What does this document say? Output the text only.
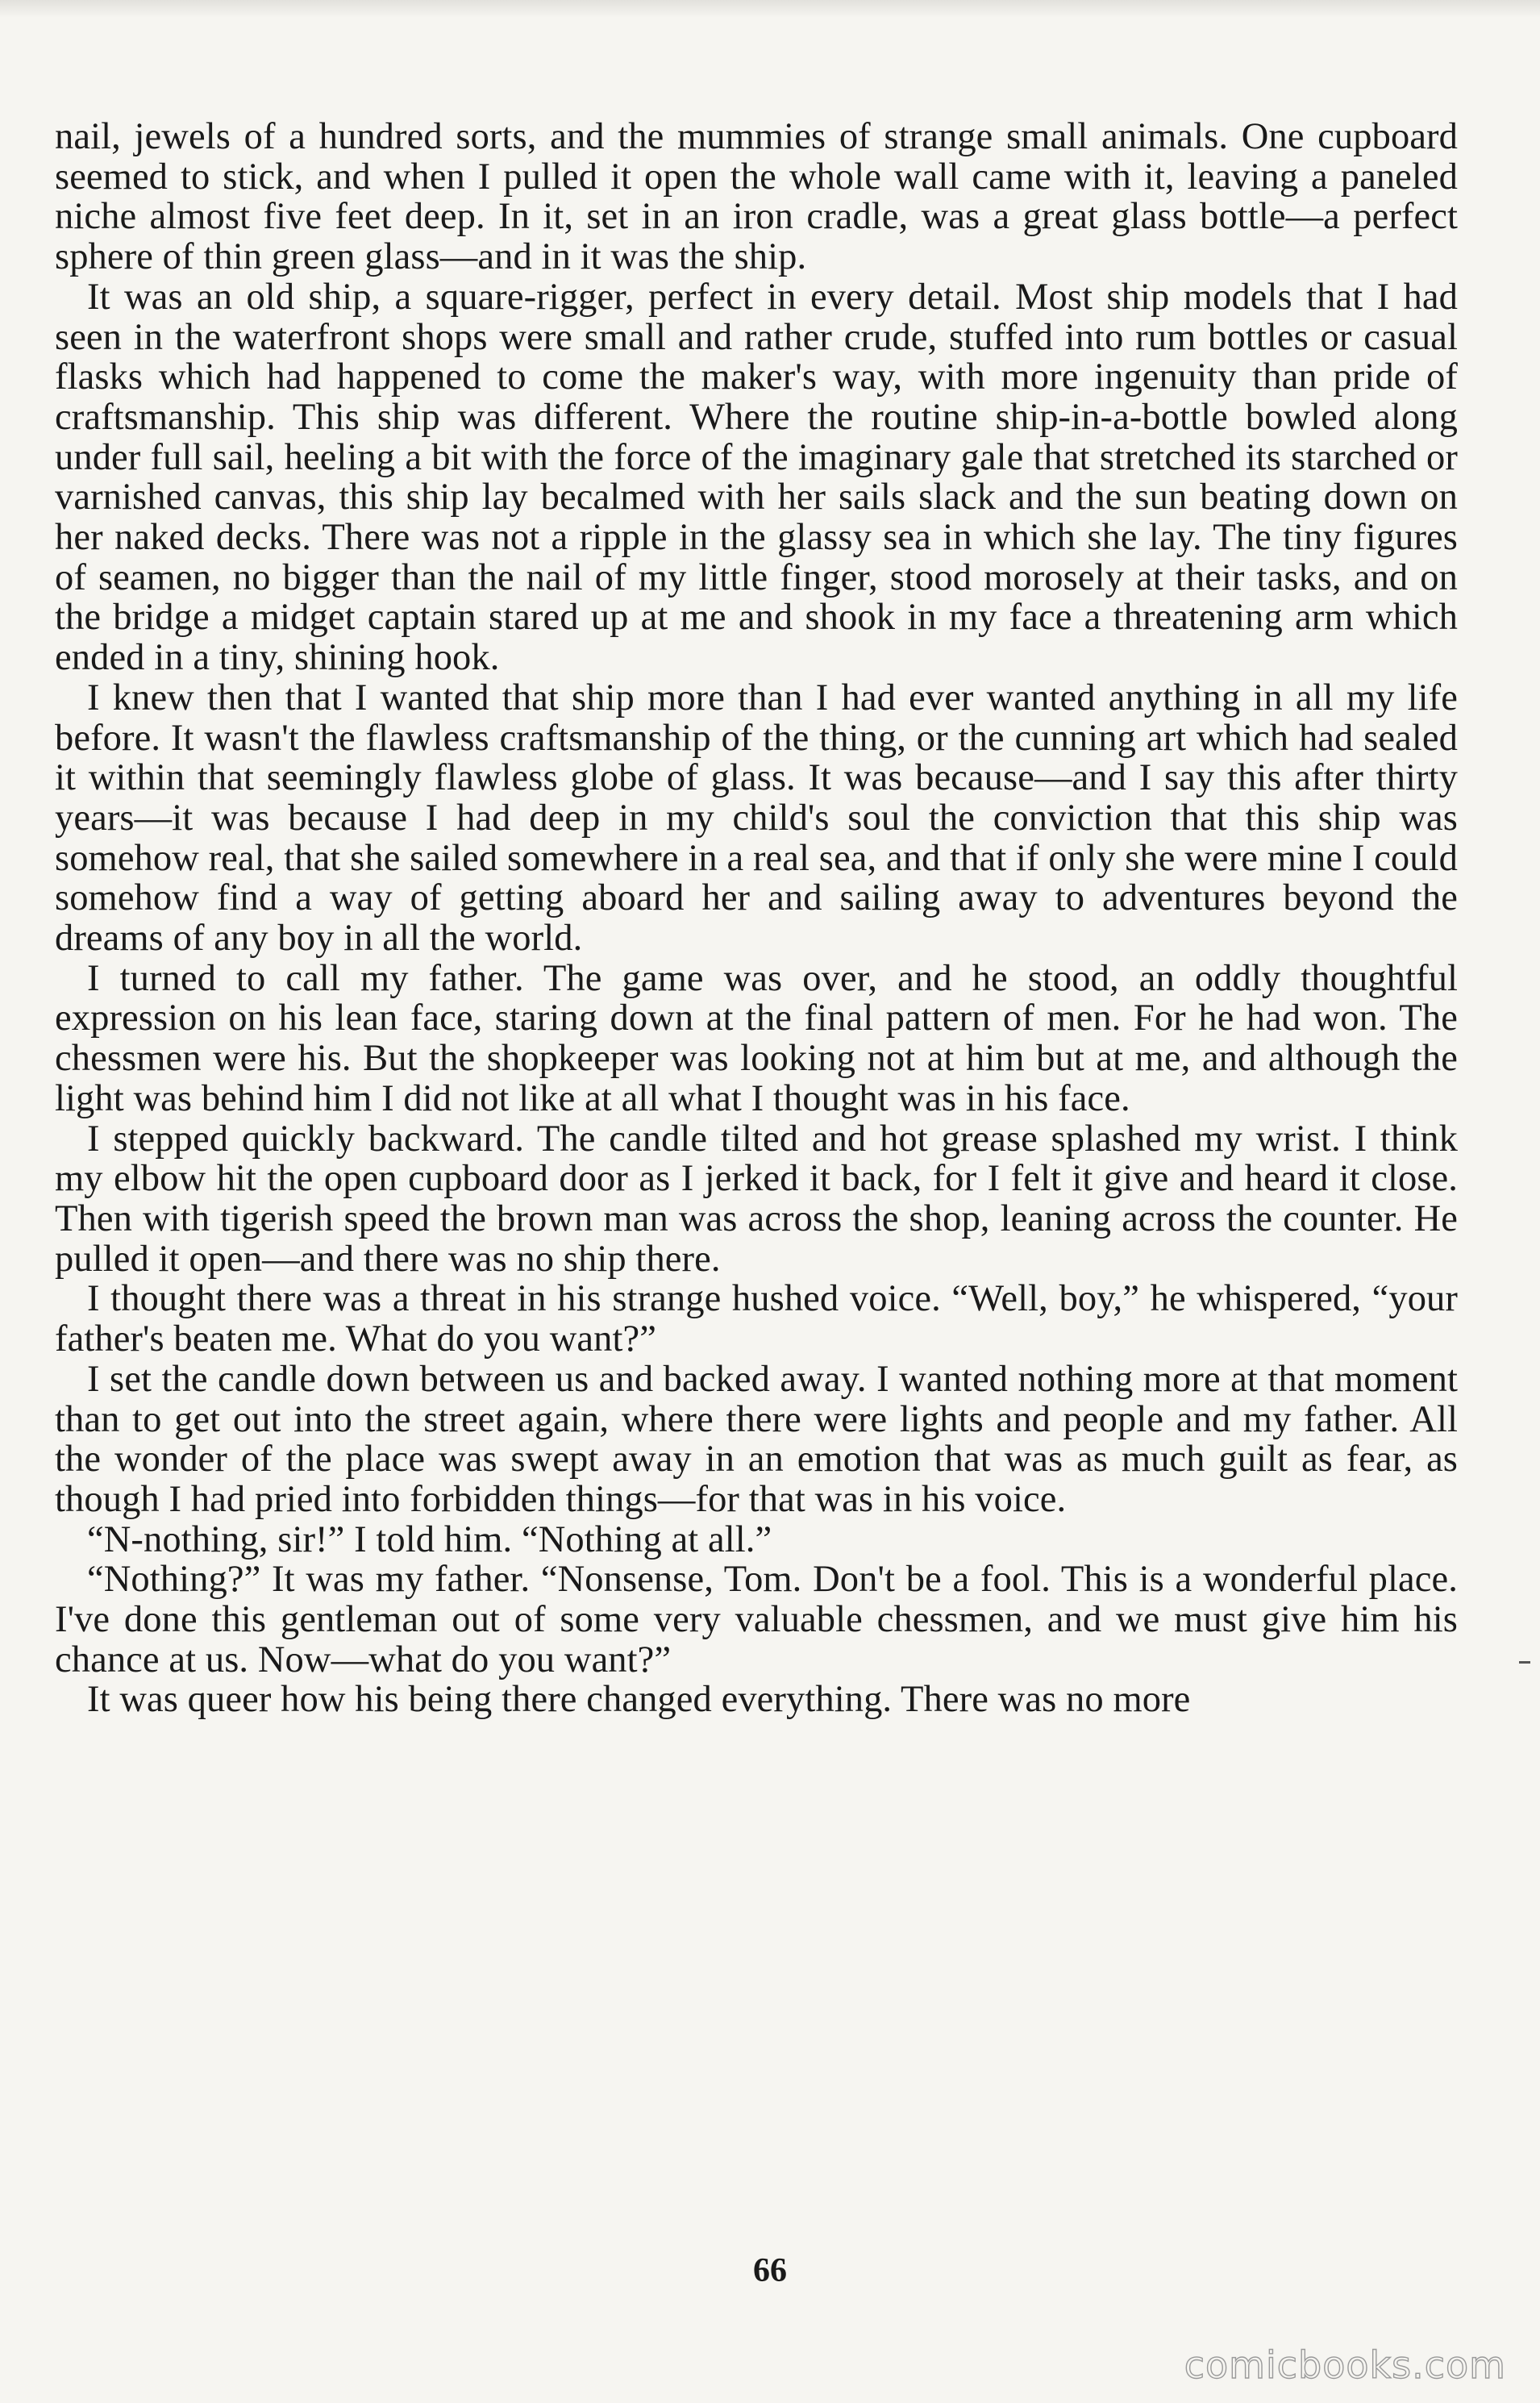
nail, jewels of a hundred sorts, and the mummies of strange small animals. One cupboard seemed to stick, and when I pulled it open the whole wall came with it, leaving a paneled niche almost five feet deep. In it, set in an iron cradle, was a great glass bottle—a perfect sphere of thin green glass—and in it was the ship.

It was an old ship, a square-rigger, perfect in every detail. Most ship models that I had seen in the waterfront shops were small and rather crude, stuffed into rum bottles or casual flasks which had happened to come the maker's way, with more ingenuity than pride of craftsmanship. This ship was different. Where the routine ship-in-a-bottle bowled along under full sail, heeling a bit with the force of the imaginary gale that stretched its starched or varnished canvas, this ship lay becalmed with her sails slack and the sun beating down on her naked decks. There was not a ripple in the glassy sea in which she lay. The tiny figures of seamen, no bigger than the nail of my little finger, stood morosely at their tasks, and on the bridge a midget captain stared up at me and shook in my face a threatening arm which ended in a tiny, shining hook.

I knew then that I wanted that ship more than I had ever wanted anything in all my life before. It wasn't the flawless craftsmanship of the thing, or the cunning art which had sealed it within that seemingly flawless globe of glass. It was because—and I say this after thirty years—it was because I had deep in my child's soul the conviction that this ship was somehow real, that she sailed somewhere in a real sea, and that if only she were mine I could somehow find a way of getting aboard her and sailing away to adventures beyond the dreams of any boy in all the world.

I turned to call my father. The game was over, and he stood, an oddly thoughtful expression on his lean face, staring down at the final pattern of men. For he had won. The chessmen were his. But the shopkeeper was looking not at him but at me, and although the light was behind him I did not like at all what I thought was in his face.

I stepped quickly backward. The candle tilted and hot grease splashed my wrist. I think my elbow hit the open cupboard door as I jerked it back, for I felt it give and heard it close. Then with tigerish speed the brown man was across the shop, leaning across the counter. He pulled it open—and there was no ship there.

I thought there was a threat in his strange hushed voice. “Well, boy,” he whispered, “your father's beaten me. What do you want?”

I set the candle down between us and backed away. I wanted nothing more at that moment than to get out into the street again, where there were lights and people and my father. All the wonder of the place was swept away in an emotion that was as much guilt as fear, as though I had pried into forbidden things—for that was in his voice.

“N-nothing, sir!” I told him. “Nothing at all.”

“Nothing?” It was my father. “Nonsense, Tom. Don't be a fool. This is a wonderful place. I've done this gentleman out of some very valuable chessmen, and we must give him his chance at us. Now—what do you want?”

It was queer how his being there changed everything. There was no more

66
comicbooks.com
